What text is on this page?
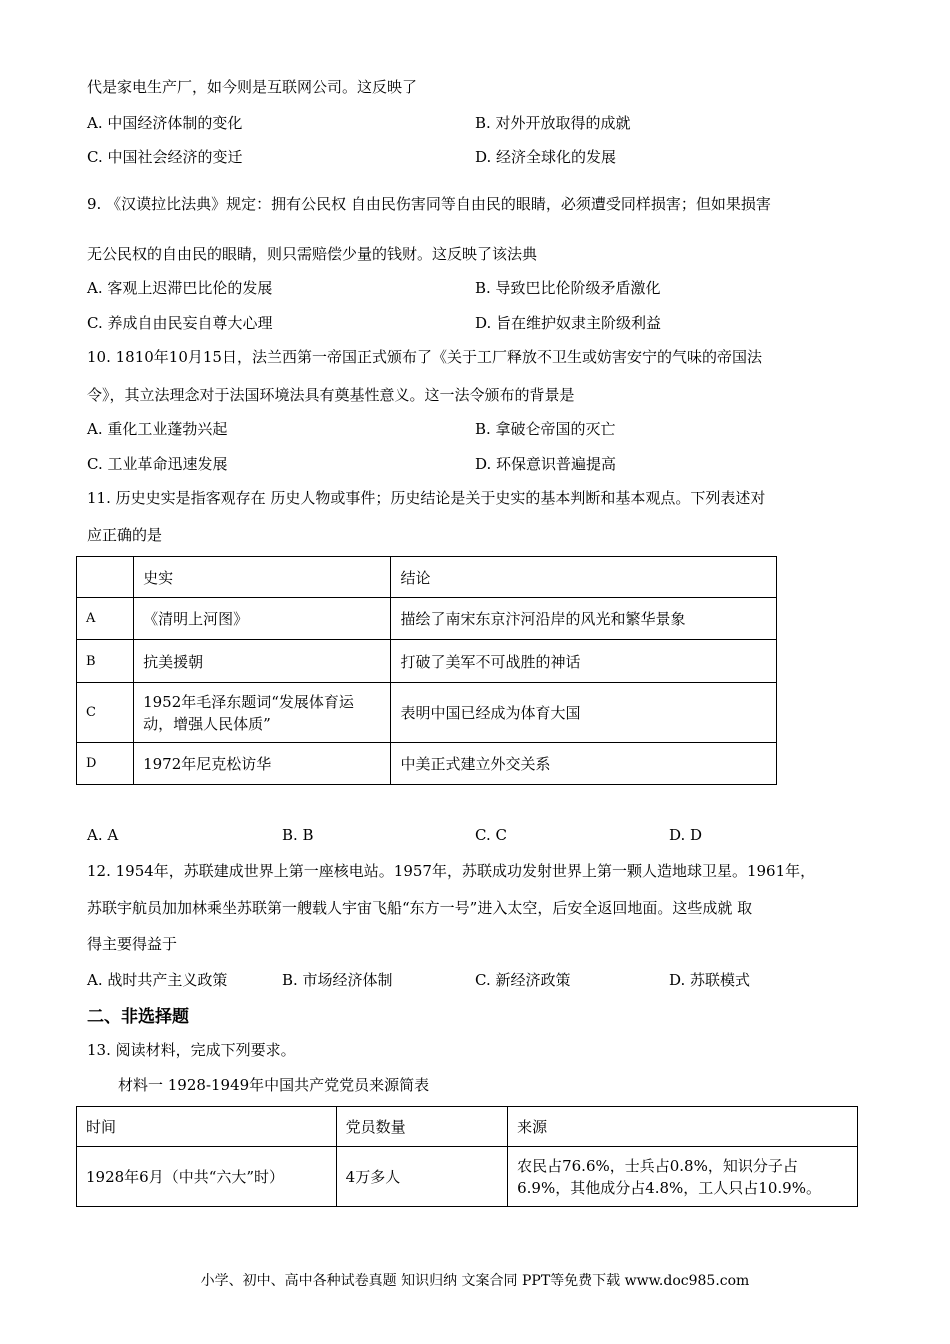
代是家电生产厂，如今则是互联网公司。这反映了
A. 中国经济体制的变化	B. 对外开放取得的成就
C. 中国社会经济的变迁	D. 经济全球化的发展
9. 《汉谟拉比法典》规定：拥有公民权 自由民伤害同等自由民的眼睛，必须遭受同样损害；但如果损害
无公民权的自由民的眼睛，则只需赔偿少量的钱财。这反映了该法典
A. 客观上迟滞巴比伦的发展	B. 导致巴比伦阶级矛盾激化
C. 养成自由民妄自尊大心理	D. 旨在维护奴隶主阶级利益
10. 1810年10月15日，法兰西第一帝国正式颁布了《关于工厂释放不卫生或妨害安宁的气味的帝国法
令》，其立法理念对于法国环境法具有奠基性意义。这一法令颁布的背景是
A. 重化工业蓬勃兴起	B. 拿破仑帝国的灭亡
C. 工业革命迅速发展	D. 环保意识普遍提高
11. 历史史实是指客观存在 历史人物或事件；历史结论是关于史实的基本判断和基本观点。下列表述对
应正确的是
	史实	结论
A	《清明上河图》	描绘了南宋东京汴河沿岸的风光和繁华景象
B	抗美援朝	打破了美军不可战胜的神话
C	1952年毛泽东题词“发展体育运动，增强人民体质”	表明中国已经成为体育大国
D	1972年尼克松访华	中美正式建立外交关系
A. A	B. B	C. C	D. D
12. 1954年，苏联建成世界上第一座核电站。1957年，苏联成功发射世界上第一颗人造地球卫星。1961年，
苏联宇航员加加林乘坐苏联第一艘载人宇宙飞船“东方一号”进入太空，后安全返回地面。这些成就 取
得主要得益于
A. 战时共产主义政策	B. 市场经济体制	C. 新经济政策	D. 苏联模式
二、非选择题
13. 阅读材料，完成下列要求。
材料一 1928-1949年中国共产党党员来源简表
时间	党员数量	来源
1928年6月（中共“六大”时）	4万多人	农民占76.6%，士兵占0.8%，知识分子占6.9%，其他成分占4.8%，工人只占10.9%。
小学、初中、高中各种试卷真题 知识归纳 文案合同 PPT等免费下载 www.doc985.com
